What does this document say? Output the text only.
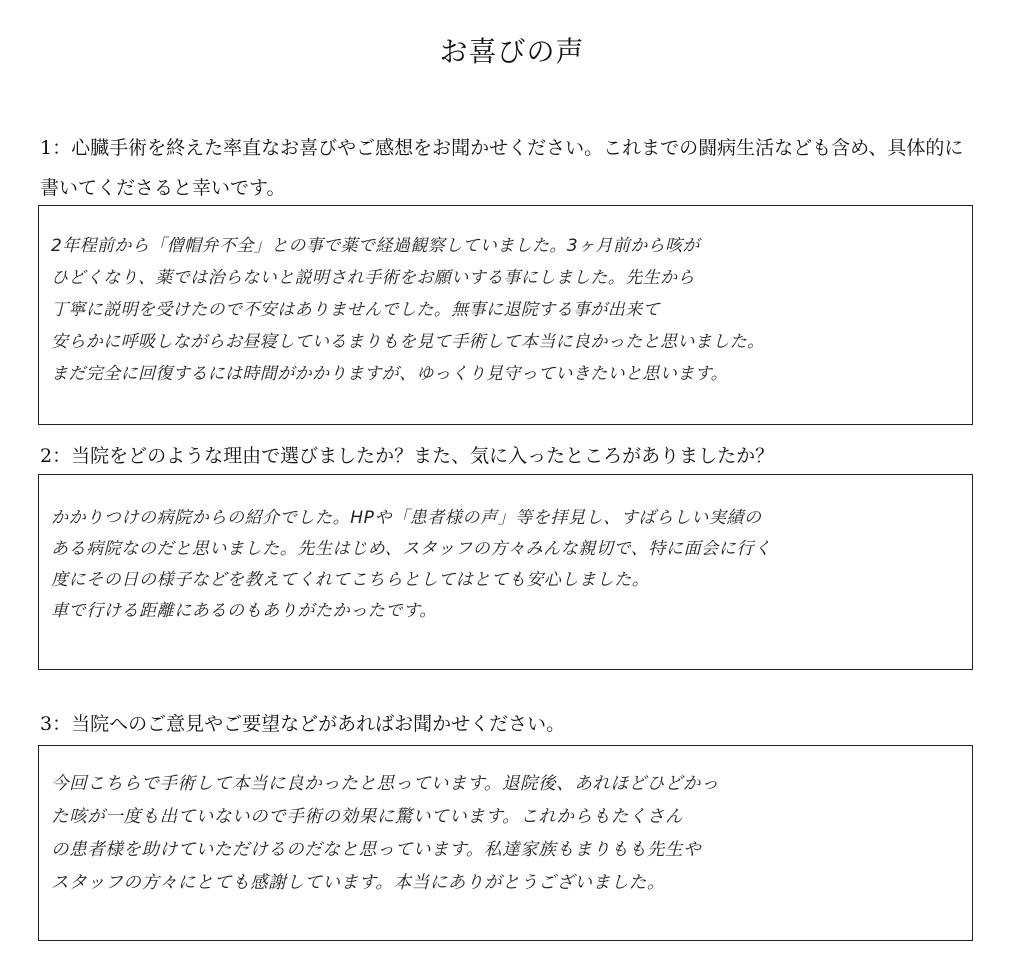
お喜びの声
1：心臓手術を終えた率直なお喜びやご感想をお聞かせください。これまでの闘病生活なども含め、具体的に書いてくださると幸いです。
2年程前から「僧帽弁不全」との事で薬で経過観察していました。3ヶ月前から咳が
ひどくなり、薬では治らないと説明され手術をお願いする事にしました。先生から
丁寧に説明を受けたので不安はありませんでした。無事に退院する事が出来て
安らかに呼吸しながらお昼寝しているまりもを見て手術して本当に良かったと思いました。
まだ完全に回復するには時間がかかりますが、ゆっくり見守っていきたいと思います。
2：当院をどのような理由で選びましたか？また、気に入ったところがありましたか？
かかりつけの病院からの紹介でした。HPや「患者様の声」等を拝見し、すばらしい実績の
ある病院なのだと思いました。先生はじめ、スタッフの方々みんな親切で、特に面会に行く
度にその日の様子などを教えてくれてこちらとしてはとても安心しました。
車で行ける距離にあるのもありがたかったです。
3：当院へのご意見やご要望などがあればお聞かせください。
今回こちらで手術して本当に良かったと思っています。退院後、あれほどひどかっ
た咳が一度も出ていないので手術の効果に驚いています。これからもたくさん
の患者様を助けていただけるのだなと思っています。私達家族もまりもも先生や
スタッフの方々にとても感謝しています。本当にありがとうございました。
